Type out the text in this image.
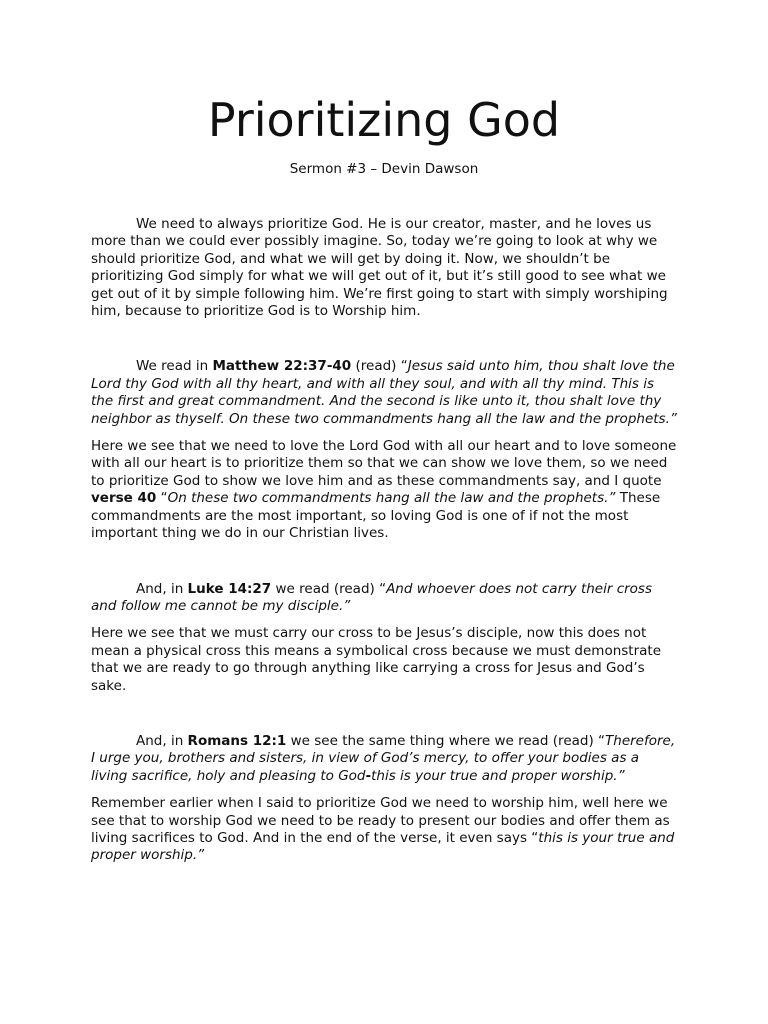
Prioritizing God

Sermon #3 – Devin Dawson

We need to always prioritize God. He is our creator, master, and he loves us more than we could ever possibly imagine. So, today we’re going to look at why we should prioritize God, and what we will get by doing it. Now, we shouldn’t be prioritizing God simply for what we will get out of it, but it’s still good to see what we get out of it by simple following him. We’re first going to start with simply worshiping him, because to prioritize God is to Worship him.

We read in Matthew 22:37-40 (read) “Jesus said unto him, thou shalt love the Lord thy God with all thy heart, and with all they soul, and with all thy mind. This is the first and great commandment. And the second is like unto it, thou shalt love thy neighbor as thyself. On these two commandments hang all the law and the prophets.”

Here we see that we need to love the Lord God with all our heart and to love someone with all our heart is to prioritize them so that we can show we love them, so we need to prioritize God to show we love him and as these commandments say, and I quote verse 40 “On these two commandments hang all the law and the prophets.” These commandments are the most important, so loving God is one of if not the most important thing we do in our Christian lives.

And, in Luke 14:27 we read (read) “And whoever does not carry their cross and follow me cannot be my disciple.”

Here we see that we must carry our cross to be Jesus’s disciple, now this does not mean a physical cross this means a symbolical cross because we must demonstrate that we are ready to go through anything like carrying a cross for Jesus and God’s sake.

And, in Romans 12:1 we see the same thing where we read (read) “Therefore, I urge you, brothers and sisters, in view of God’s mercy, to offer your bodies as a living sacrifice, holy and pleasing to God-this is your true and proper worship.”

Remember earlier when I said to prioritize God we need to worship him, well here we see that to worship God we need to be ready to present our bodies and offer them as living sacrifices to God. And in the end of the verse, it even says “this is your true and proper worship.”
